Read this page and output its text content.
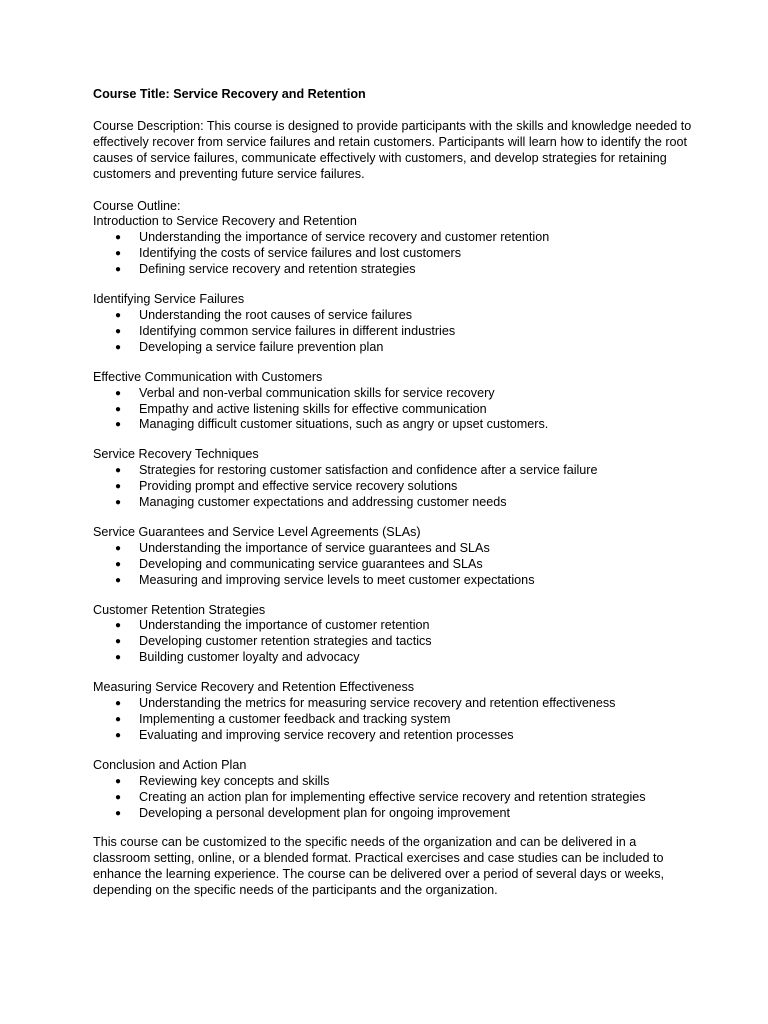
Course Title: Service Recovery and Retention

Course Description: This course is designed to provide participants with the skills and knowledge needed to effectively recover from service failures and retain customers. Participants will learn how to identify the root causes of service failures, communicate effectively with customers, and develop strategies for retaining customers and preventing future service failures.

Course Outline:

Introduction to Service Recovery and Retention

● Understanding the importance of service recovery and customer retention
● Identifying the costs of service failures and lost customers
● Defining service recovery and retention strategies

Identifying Service Failures

● Understanding the root causes of service failures
● Identifying common service failures in different industries
● Developing a service failure prevention plan

Effective Communication with Customers

● Verbal and non-verbal communication skills for service recovery
● Empathy and active listening skills for effective communication
● Managing difficult customer situations, such as angry or upset customers.

Service Recovery Techniques

● Strategies for restoring customer satisfaction and confidence after a service failure
● Providing prompt and effective service recovery solutions
● Managing customer expectations and addressing customer needs

Service Guarantees and Service Level Agreements (SLAs)

● Understanding the importance of service guarantees and SLAs
● Developing and communicating service guarantees and SLAs
● Measuring and improving service levels to meet customer expectations

Customer Retention Strategies

● Understanding the importance of customer retention
● Developing customer retention strategies and tactics
● Building customer loyalty and advocacy

Measuring Service Recovery and Retention Effectiveness

● Understanding the metrics for measuring service recovery and retention effectiveness
● Implementing a customer feedback and tracking system
● Evaluating and improving service recovery and retention processes

Conclusion and Action Plan

● Reviewing key concepts and skills
● Creating an action plan for implementing effective service recovery and retention strategies
● Developing a personal development plan for ongoing improvement

This course can be customized to the specific needs of the organization and can be delivered in a classroom setting, online, or a blended format. Practical exercises and case studies can be included to enhance the learning experience. The course can be delivered over a period of several days or weeks, depending on the specific needs of the participants and the organization.
